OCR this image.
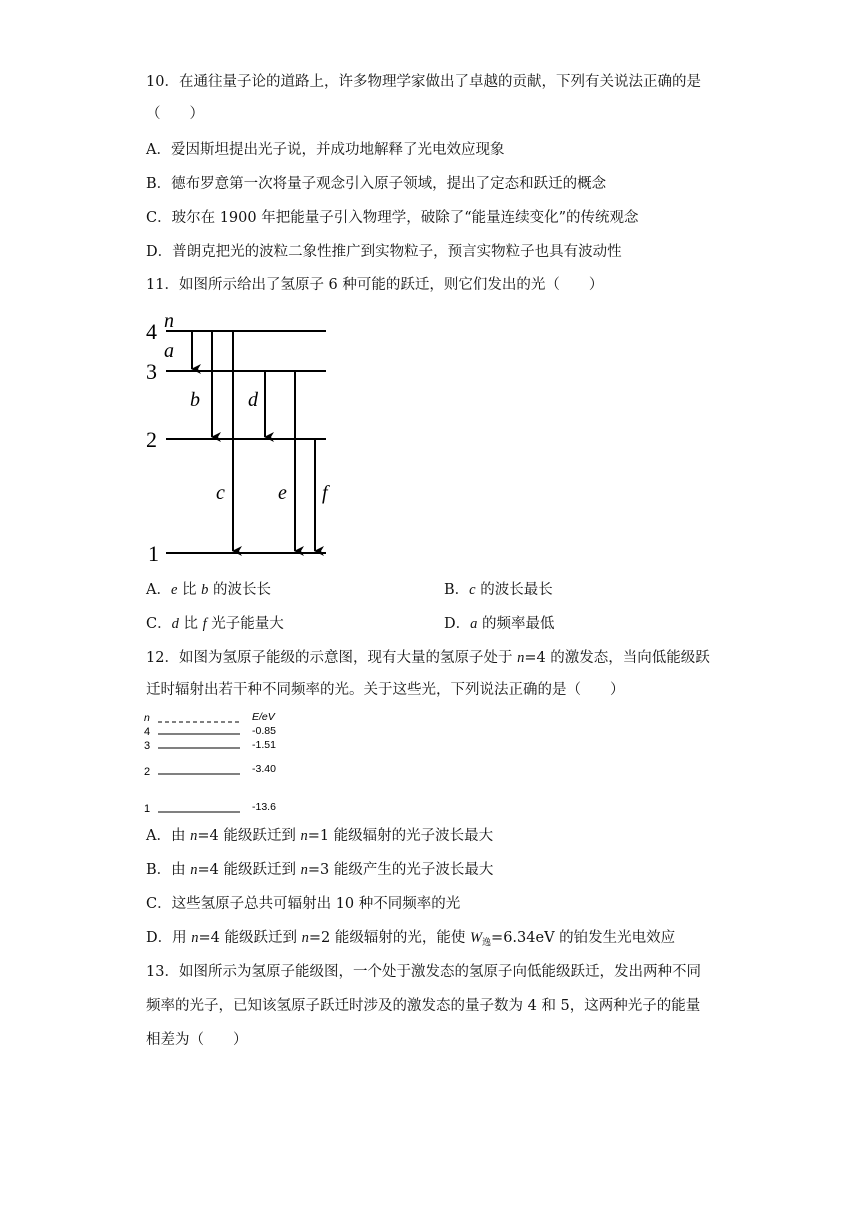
10．在通往量子论的道路上，许多物理学家做出了卓越的贡献，下列有关说法正确的是
（　　）
A．爱因斯坦提出光子说，并成功地解释了光电效应现象
B．德布罗意第一次将量子观念引入原子领域，提出了定态和跃迁的概念
C．玻尔在 1900 年把能量子引入物理学，破除了“能量连续变化”的传统观念
D．普朗克把光的波粒二象性推广到实物粒子，预言实物粒子也具有波动性
11．如图所示给出了氢原子 6 种可能的跃迁，则它们发出的光（　　）
4 n
3
2
1
a
b
c
d
e f
A．e 比 b 的波长长	B．c 的波长最长
C．d 比 f 光子能量大	D．a 的频率最低
12．如图为氢原子能级的示意图，现有大量的氢原子处于 n=4 的激发态，当向低能级跃
迁时辐射出若干种不同频率的光。关于这些光，下列说法正确的是（　　）
n	E/eV
4	-0.85
3	-1.51
2	-3.40
1	-13.6
A．由 n=4 能级跃迁到 n=1 能级辐射的光子波长最大
B．由 n=4 能级跃迁到 n=3 能级产生的光子波长最大
C．这些氢原子总共可辐射出 10 种不同频率的光
D．用 n=4 能级跃迁到 n=2 能级辐射的光，能使 $W_逸=6.34eV$ 的铂发生光电效应
13．如图所示为氢原子能级图，一个处于激发态的氢原子向低能级跃迁，发出两种不同
频率的光子，已知该氢原子跃迁时涉及的激发态的量子数为 4 和 5，这两种光子的能量
相差为（　　）
